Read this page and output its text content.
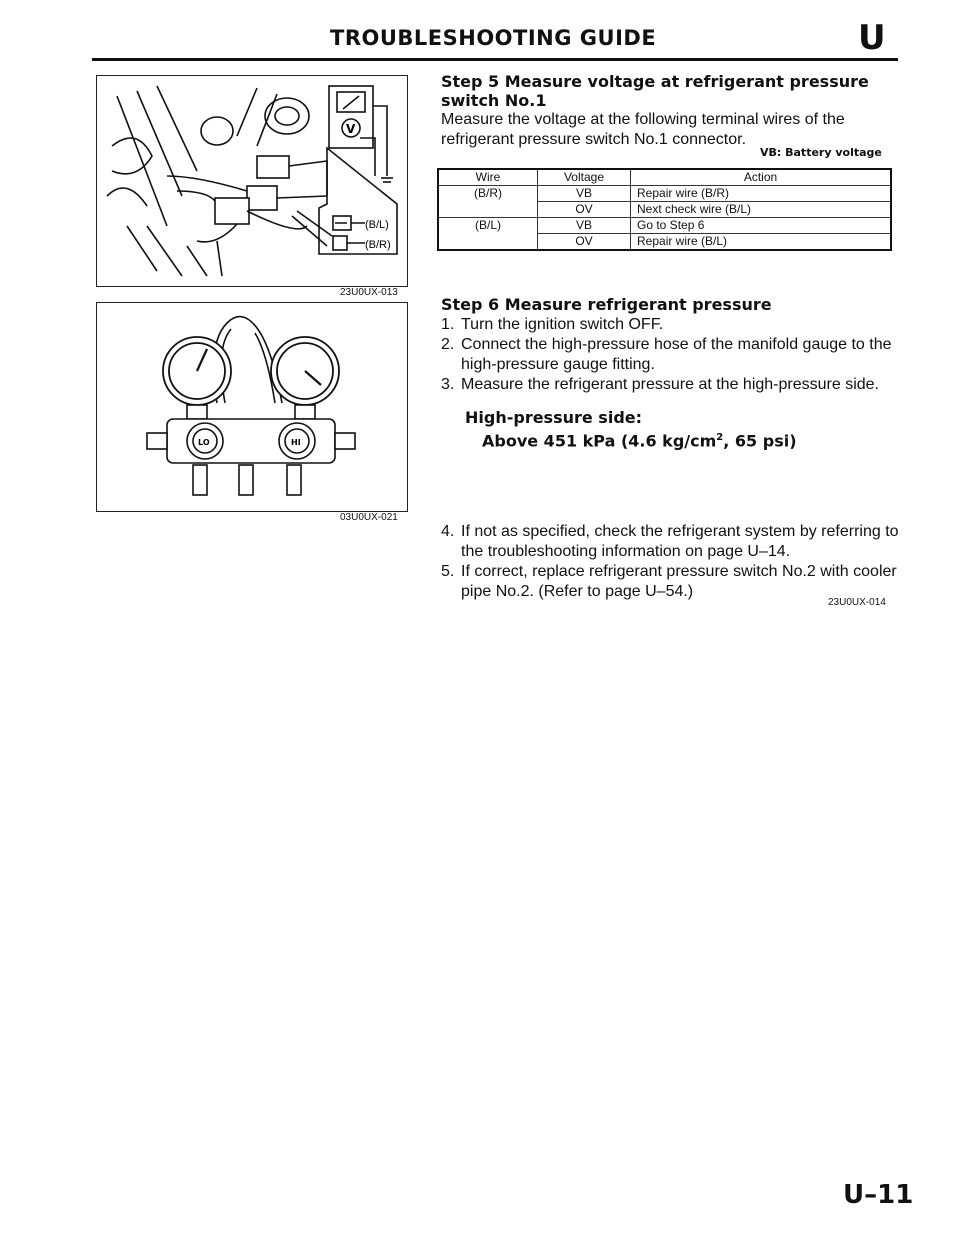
TROUBLESHOOTING GUIDE	U
V
(B/L)
(B/R)
23U0UX-013
LO	HI
03U0UX-021
Step 5 Measure voltage at refrigerant pressure switch No.1
Measure the voltage at the following terminal wires of the refrigerant pressure switch No.1 connector.
VB: Battery voltage
Wire	Voltage	Action
(B/R)	VB	Repair wire (B/R)
	OV	Next check wire (B/L)
(B/L)	VB	Go to Step 6
	OV	Repair wire (B/L)
Step 6 Measure refrigerant pressure
1. Turn the ignition switch OFF.
2. Connect the high-pressure hose of the manifold gauge to the high-pressure gauge fitting.
3. Measure the refrigerant pressure at the high-pressure side.
High-pressure side:
Above 451 kPa (4.6 $kg/cm^2$, 65 psi)
4. If not as specified, check the refrigerant system by referring to the troubleshooting information on page U–14.
5. If correct, replace refrigerant pressure switch No.2 with cooler pipe No.2. (Refer to page U–54.)
23U0UX-014
U–11
